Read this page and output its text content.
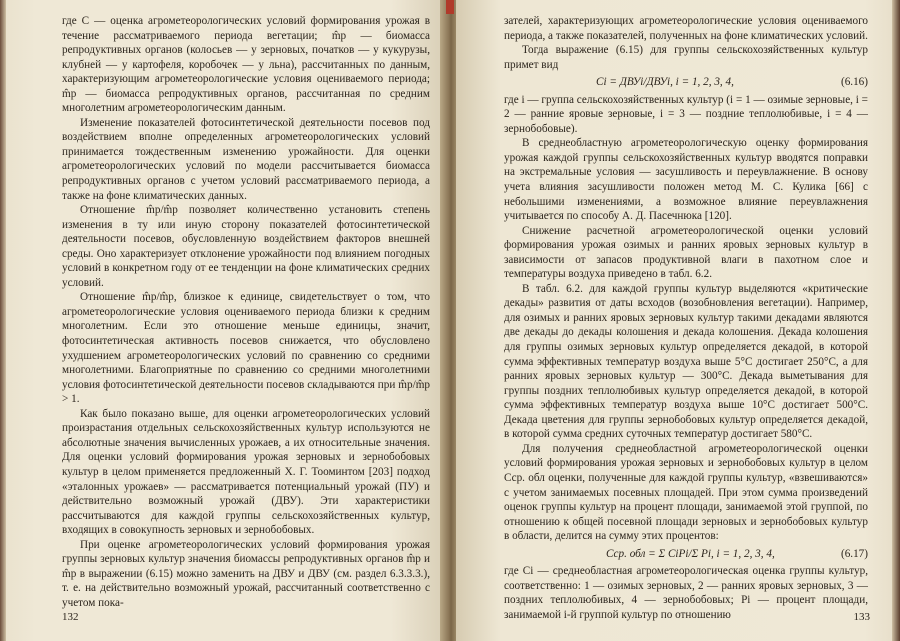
где С — оценка агрометеорологических условий формирования урожая в течение рассматриваемого периода вегетации; m̂р — биомасса репродуктивных органов (колосьев — у зерновых, початков — у кукурузы, клубней — у картофеля, коробочек — у льна), рассчитанных по данным, характеризующим агрометеорологические условия оцениваемого периода; m̂р — биомасса репродуктивных органов, рассчитанная по средним многолетним агрометеорологическим данным.

Изменение показателей фотосинтетической деятельности посевов под воздействием вполне определенных агрометеорологических условий принимается тождественным изменению урожайности. Для оценки агрометеорологических условий по модели рассчитывается биомасса репродуктивных органов с учетом условий рассматриваемого периода, а также на фоне климатических данных.

Отношение m̂р/m̂р позволяет количественно установить степень изменения в ту или иную сторону показателей фотосинтетической деятельности посевов, обусловленную воздействием факторов внешней среды. Оно характеризует отклонение урожайности под влиянием погодных условий в конкретном году от ее тенденции на фоне климатических средних условий.

Отношение m̂р/m̂р, близкое к единице, свидетельствует о том, что агрометеорологические условия оцениваемого периода близки к средним многолетним. Если это отношение меньше единицы, значит, фотосинтетическая активность посевов снижается, что обусловлено ухудшением агрометеорологических условий по сравнению со средними многолетними. Благоприятные по сравнению со средними многолетними условия фотосинтетической деятельности посевов складываются при m̂р/m̂р > 1.

Как было показано выше, для оценки агрометеорологических условий произрастания отдельных сельскохозяйственных культур используются не абсолютные значения вычисленных урожаев, а их относительные значения. Для оценки условий формирования урожая зерновых и зернобобовых культур в целом применяется предложенный Х. Г. Тооминтом [203] подход «эталонных урожаев» — рассматривается потенциальный урожай (ПУ) и действительно возможный урожай (ДВУ). Эти характеристики рассчитываются для каждой группы сельскохозяйственных культур, входящих в совокупность зерновых и зернобобовых.

При оценке агрометеорологических условий формирования урожая группы зерновых культур значения биомассы репродуктивных органов m̂р и m̂р в выражении (6.15) можно заменить на ДВУ и ДВУ (см. раздел 6.3.3.3.), т. е. на действительно возможный урожай, рассчитанный соответственно с учетом пока-

132

зателей, характеризующих агрометеорологические условия оцениваемого периода, а также показателей, полученных на фоне климатических условий.

Тогда выражение (6.15) для группы сельскохозяйственных культур примет вид

Ci = ДВУi/ДВУi, i = 1, 2, 3, 4,	(6.16)

где i — группа сельскохозяйственных культур (i = 1 — озимые зерновые, i = 2 — ранние яровые зерновые, i = 3 — поздние теплолюбивые, i = 4 — зернобобовые).

В среднеобластную агрометеорологическую оценку формирования урожая каждой группы сельскохозяйственных культур вводятся поправки на экстремальные условия — засушливость и переувлажнение. В основу учета влияния засушливости положен метод М. С. Кулика [66] с небольшими изменениями, а возможное влияние переувлажнения учитывается по способу А. Д. Пасечнюка [120].

Снижение расчетной агрометеорологической оценки условий формирования урожая озимых и ранних яровых зерновых культур в зависимости от запасов продуктивной влаги в пахотном слое и температуры воздуха приведено в табл. 6.2.

В табл. 6.2. для каждой группы культур выделяются «критические декады» развития от даты всходов (возобновления вегетации). Например, для озимых и ранних яровых зерновых культур такими декадами являются две декады до декады колошения и декада колошения. Декада колошения для группы озимых зерновых культур определяется декадой, в которой сумма эффективных температур воздуха выше 5°С достигает 250°С, а для ранних яровых зерновых культур — 300°С. Декада выметывания для группы поздних теплолюбивых культур определяется декадой, в которой сумма эффективных температур воздуха выше 10°С достигает 500°С. Декада цветения для группы зернобобовых культур определяется декадой, в которой сумма средних суточных температур достигает 580°С.

Для получения среднеобластной агрометеорологической оценки условий формирования урожая зерновых и зернобобовых культур в целом Сср. обл оценки, полученные для каждой группы культур, «взвешиваются» с учетом занимаемых посевных площадей. При этом сумма произведений оценок группы культур на процент площади, занимаемой этой группой, по отношению к общей посевной площади зерновых и зернобобовых культур в области, делится на сумму этих процентов:

Сср. обл = Σ CiPi/Σ Pi, i = 1, 2, 3, 4,	(6.17)

где Ci — среднеобластная агрометеорологическая оценка группы культур, соответственно: 1 — озимых зерновых, 2 — ранних яровых зерновых, 3 — поздних теплолюбивых, 4 — зернобобовых; Pi — процент площади, занимаемой i-й группой культур по отношению	133
